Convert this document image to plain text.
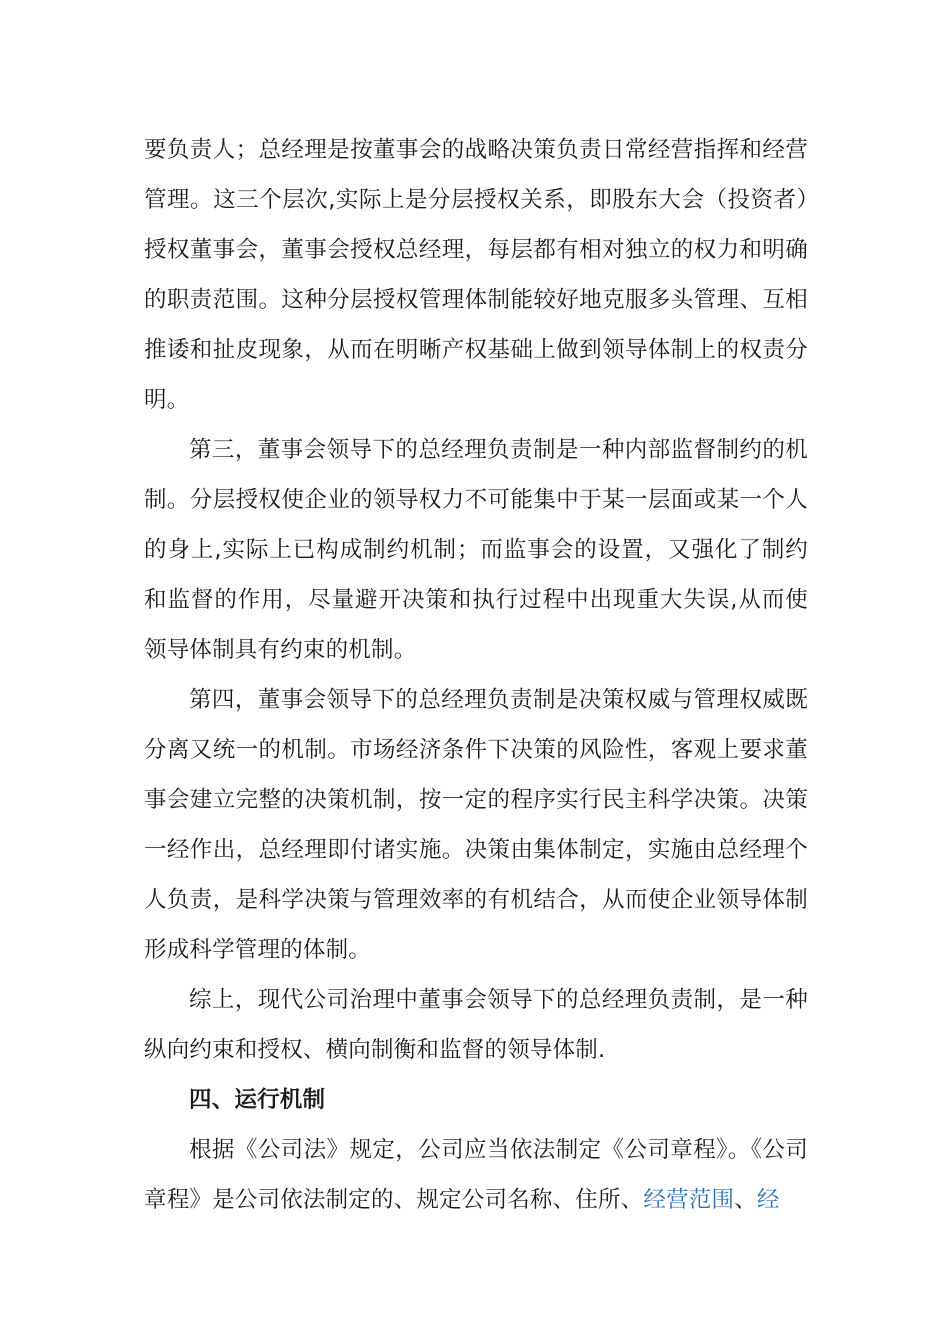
要负责人；总经理是按董事会的战略决策负责日常经营指挥和经营管理。这三个层次,实际上是分层授权关系，即股东大会（投资者）授权董事会，董事会授权总经理，每层都有相对独立的权力和明确的职责范围。这种分层授权管理体制能较好地克服多头管理、互相推诿和扯皮现象，从而在明晰产权基础上做到领导体制上的权责分明。

第三，董事会领导下的总经理负责制是一种内部监督制约的机制。分层授权使企业的领导权力不可能集中于某一层面或某一个人的身上,实际上已构成制约机制；而监事会的设置，又强化了制约和监督的作用，尽量避开决策和执行过程中出现重大失误,从而使领导体制具有约束的机制。

第四，董事会领导下的总经理负责制是决策权威与管理权威既分离又统一的机制。市场经济条件下决策的风险性，客观上要求董事会建立完整的决策机制，按一定的程序实行民主科学决策。决策一经作出，总经理即付诸实施。决策由集体制定，实施由总经理个人负责，是科学决策与管理效率的有机结合，从而使企业领导体制形成科学管理的体制。

综上，现代公司治理中董事会领导下的总经理负责制，是一种纵向约束和授权、横向制衡和监督的领导体制.

四、运行机制

根据《公司法》规定，公司应当依法制定《公司章程》。《公司章程》是公司依法制定的、规定公司名称、住所、经营范围、经
